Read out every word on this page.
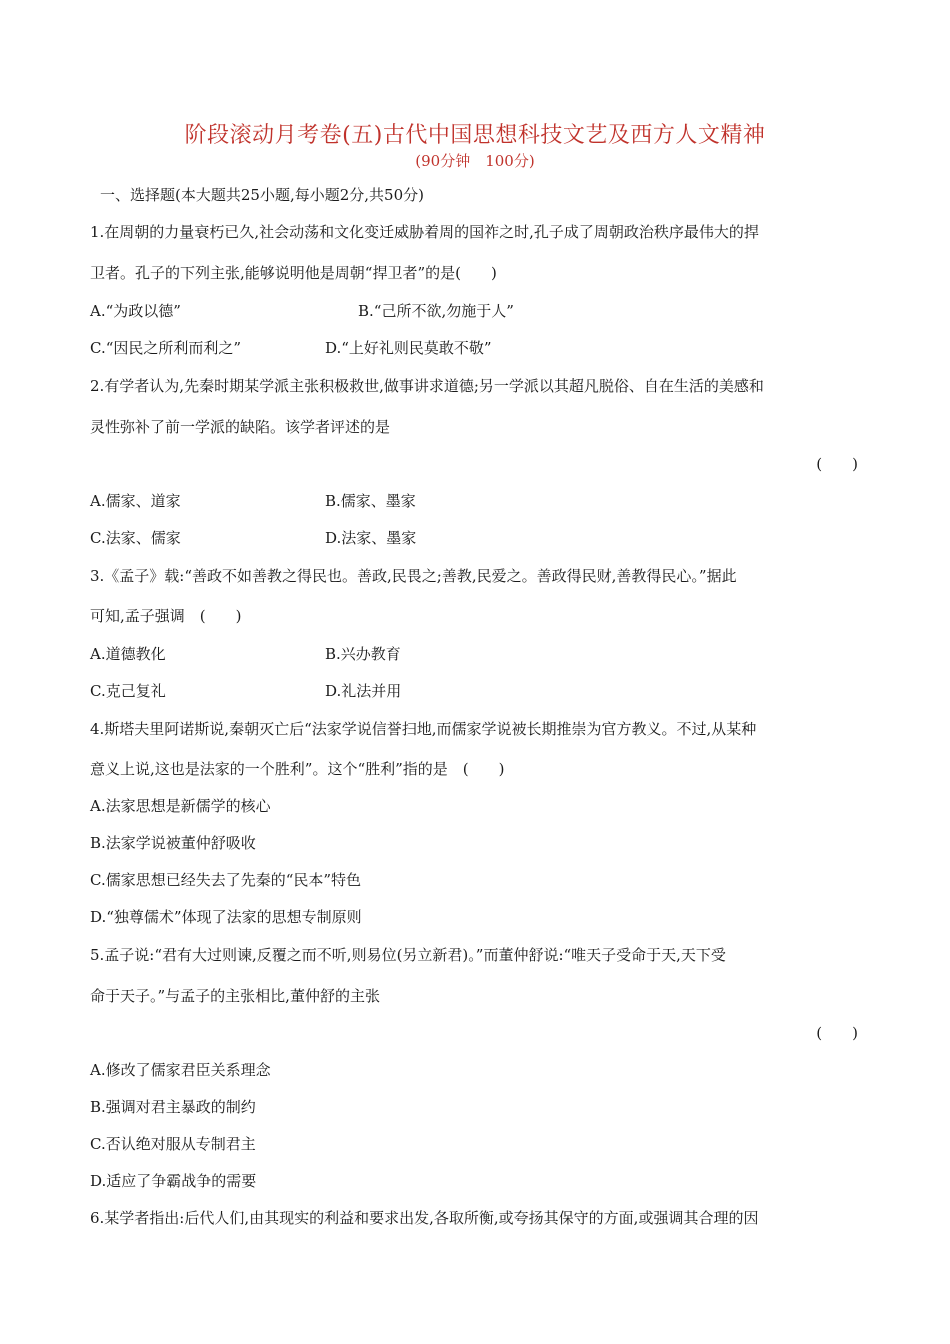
阶段滚动月考卷(五)古代中国思想科技文艺及西方人文精神
(90分钟　100分)
一、选择题(本大题共25小题,每小题2分,共50分)
1.在周朝的力量衰朽已久,社会动荡和文化变迁威胁着周的国祚之时,孔子成了周朝政治秩序最伟大的捍
卫者。孔子的下列主张,能够说明他是周朝“捍卫者”的是(　　)
A.“为政以德”	B.“己所不欲,勿施于人”
C.“因民之所利而利之”	D.“上好礼则民莫敢不敬”
2.有学者认为,先秦时期某学派主张积极救世,做事讲求道德;另一学派以其超凡脱俗、自在生活的美感和
灵性弥补了前一学派的缺陷。该学者评述的是
(　　)
A.儒家、道家	B.儒家、墨家
C.法家、儒家	D.法家、墨家
3.《孟子》载:“善政不如善教之得民也。善政,民畏之;善教,民爱之。善政得民财,善教得民心。”据此
可知,孟子强调　(　　)
A.道德教化	B.兴办教育
C.克己复礼	D.礼法并用
4.斯塔夫里阿诺斯说,秦朝灭亡后“法家学说信誉扫地,而儒家学说被长期推崇为官方教义。不过,从某种
意义上说,这也是法家的一个胜利”。这个“胜利”指的是　(　　)
A.法家思想是新儒学的核心
B.法家学说被董仲舒吸收
C.儒家思想已经失去了先秦的“民本”特色
D.“独尊儒术”体现了法家的思想专制原则
5.孟子说:“君有大过则谏,反覆之而不听,则易位(另立新君)。”而董仲舒说:“唯天子受命于天,天下受
命于天子。”与孟子的主张相比,董仲舒的主张
(　　)
A.修改了儒家君臣关系理念
B.强调对君主暴政的制约
C.否认绝对服从专制君主
D.适应了争霸战争的需要
6.某学者指出:后代人们,由其现实的利益和要求出发,各取所衡,或夸扬其保守的方面,或强调其合理的因
